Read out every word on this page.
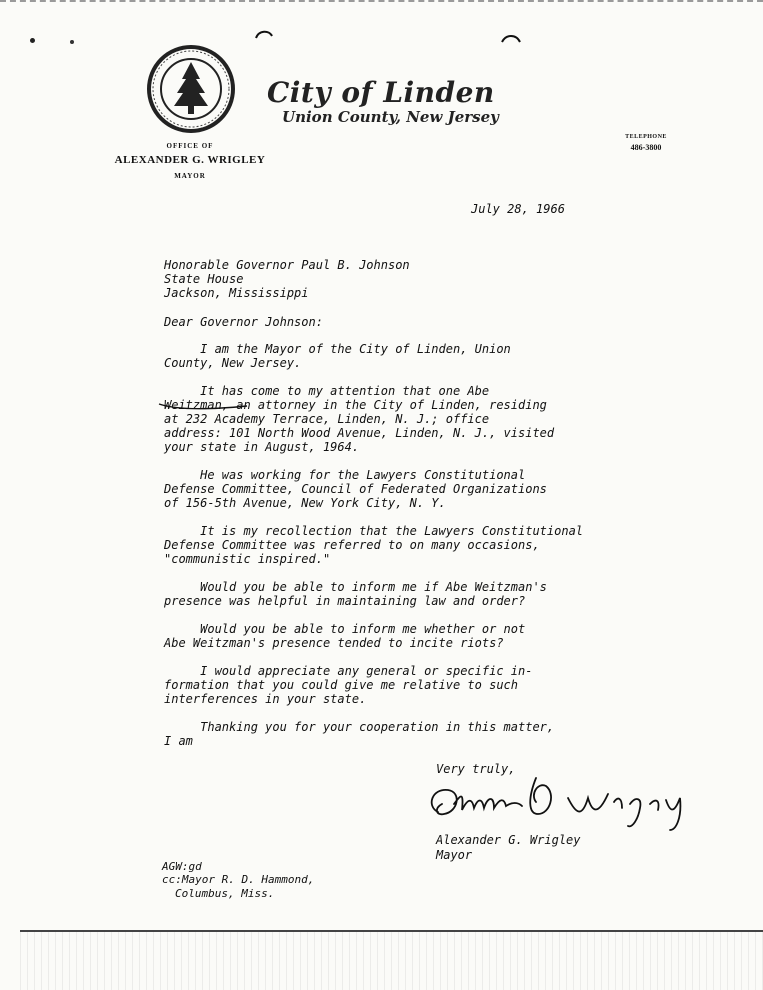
City of Linden
Union County, New Jersey
OFFICE OF
ALEXANDER G. WRIGLEY
MAYOR
TELEPHONE
486-3800
July 28, 1966
Honorable Governor Paul B. Johnson
State House
Jackson, Mississippi
Dear Governor Johnson:
I am the Mayor of the City of Linden, Union
County, New Jersey.
It has come to my attention that one Abe
Weitzman, an attorney in the City of Linden, residing
at 232 Academy Terrace, Linden, N. J.; office
address: 101 North Wood Avenue, Linden, N. J., visited
your state in August, 1964.
He was working for the Lawyers Constitutional
Defense Committee, Council of Federated Organizations
of 156-5th Avenue, New York City, N. Y.
It is my recollection that the Lawyers Constitutional
Defense Committee was referred to on many occasions,
"communistic inspired."
Would you be able to inform me if Abe Weitzman's
presence was helpful in maintaining law and order?
Would you be able to inform me whether or not
Abe Weitzman's presence tended to incite riots?
I would appreciate any general or specific in-
formation that you could give me relative to such
interferences in your state.
Thanking you for your cooperation in this matter,
I am
Very truly,
Alexander G. Wrigley
Mayor
AGW:gd
cc:Mayor R. D. Hammond,
Columbus, Miss.
